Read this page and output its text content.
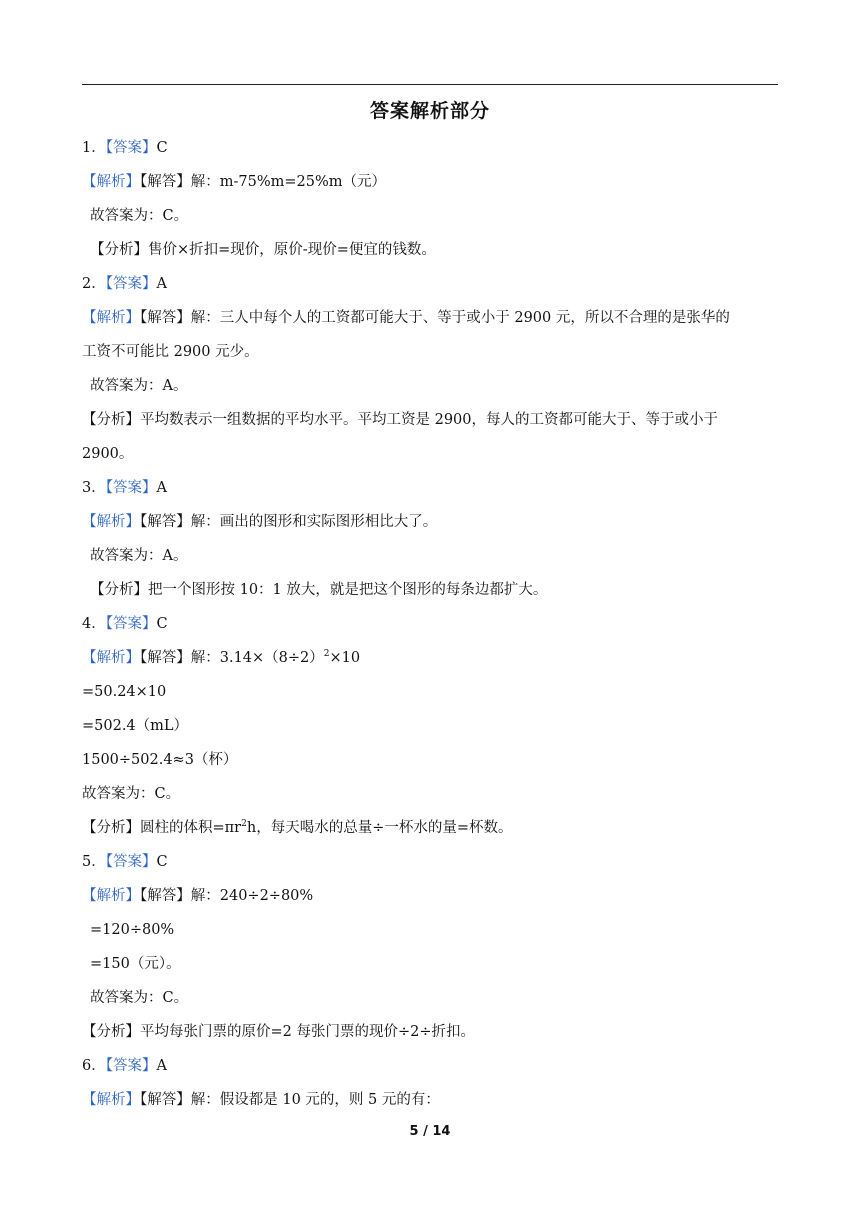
答案解析部分
1．【答案】C
【解析】【解答】解：m-75%m=25%m（元）
故答案为：C。
【分析】售价×折扣=现价，原价-现价=便宜的钱数。
2．【答案】A
【解析】【解答】解：三人中每个人的工资都可能大于、等于或小于 2900 元，所以不合理的是张华的
工资不可能比 2900 元少。
故答案为：A。
【分析】平均数表示一组数据的平均水平。平均工资是 2900，每人的工资都可能大于、等于或小于
2900。
3．【答案】A
【解析】【解答】解：画出的图形和实际图形相比大了。
故答案为：A。
【分析】把一个图形按 10：1 放大，就是把这个图形的每条边都扩大。
4．【答案】C
【解析】【解答】解：$3.14\times(8\div 2)^2\times 10$
=50.24×10
=502.4（mL）
1500÷502.4≈3（杯）
故答案为：C。
【分析】圆柱的体积$=\pi r^2h$，每天喝水的总量÷一杯水的量=杯数。
5．【答案】C
【解析】【解答】解：240÷2÷80%
=120÷80%
=150（元）。
故答案为：C。
【分析】平均每张门票的原价=2 每张门票的现价÷2÷折扣。
6．【答案】A
【解析】【解答】解：假设都是 10 元的，则 5 元的有：
5 / 14
